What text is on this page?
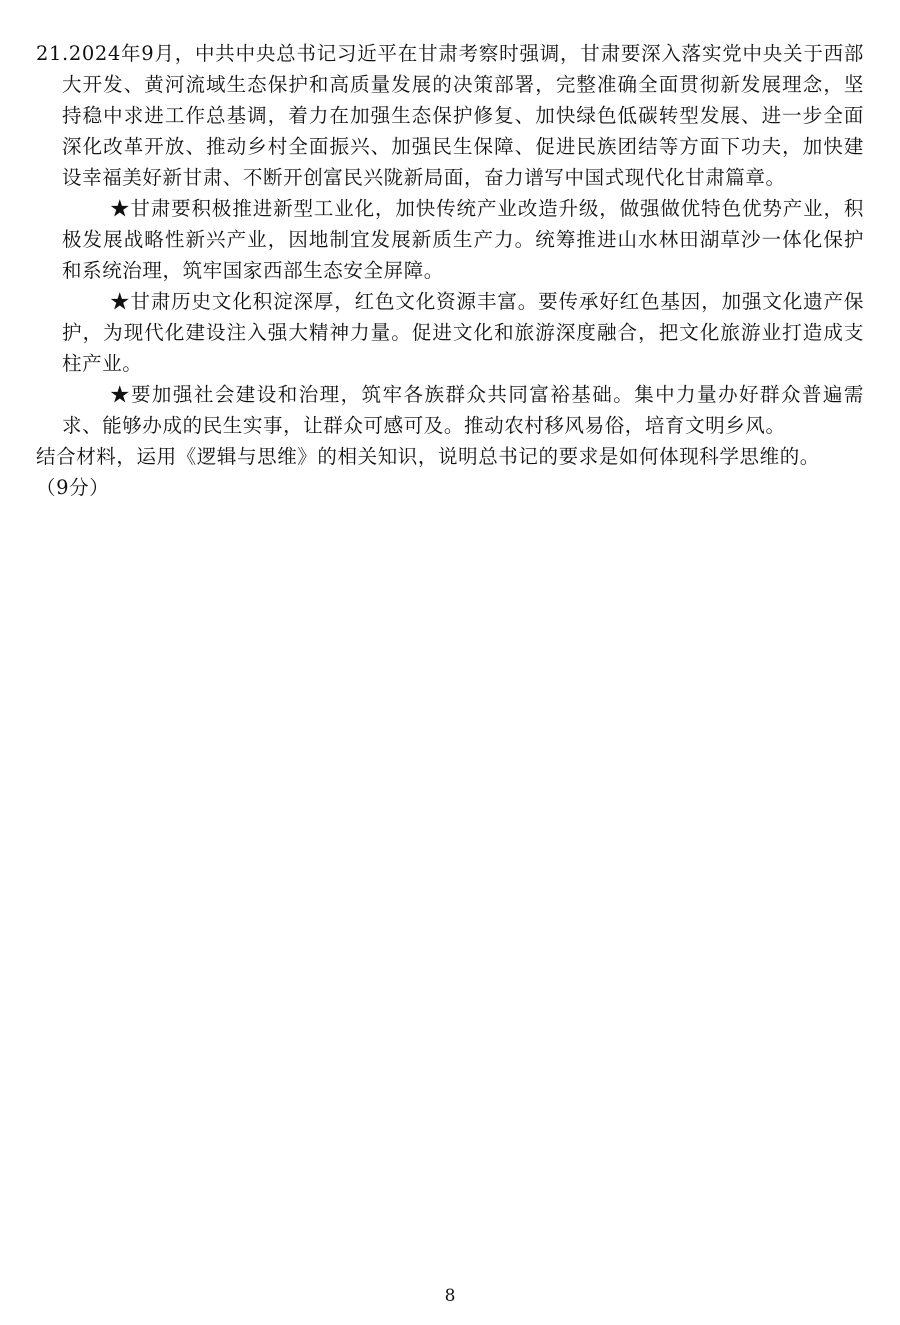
21.2024年9月，中共中央总书记习近平在甘肃考察时强调，甘肃要深入落实党中央关于西部大开发、黄河流域生态保护和高质量发展的决策部署，完整准确全面贯彻新发展理念，坚持稳中求进工作总基调，着力在加强生态保护修复、加快绿色低碳转型发展、进一步全面深化改革开放、推动乡村全面振兴、加强民生保障、促进民族团结等方面下功夫，加快建设幸福美好新甘肃、不断开创富民兴陇新局面，奋力谱写中国式现代化甘肃篇章。

★甘肃要积极推进新型工业化，加快传统产业改造升级，做强做优特色优势产业，积极发展战略性新兴产业，因地制宜发展新质生产力。统筹推进山水林田湖草沙一体化保护和系统治理，筑牢国家西部生态安全屏障。

★甘肃历史文化积淀深厚，红色文化资源丰富。要传承好红色基因，加强文化遗产保护，为现代化建设注入强大精神力量。促进文化和旅游深度融合，把文化旅游业打造成支柱产业。

★要加强社会建设和治理，筑牢各族群众共同富裕基础。集中力量办好群众普遍需求、能够办成的民生实事，让群众可感可及。推动农村移风易俗，培育文明乡风。

结合材料，运用《逻辑与思维》的相关知识，说明总书记的要求是如何体现科学思维的。

（9分）

8
